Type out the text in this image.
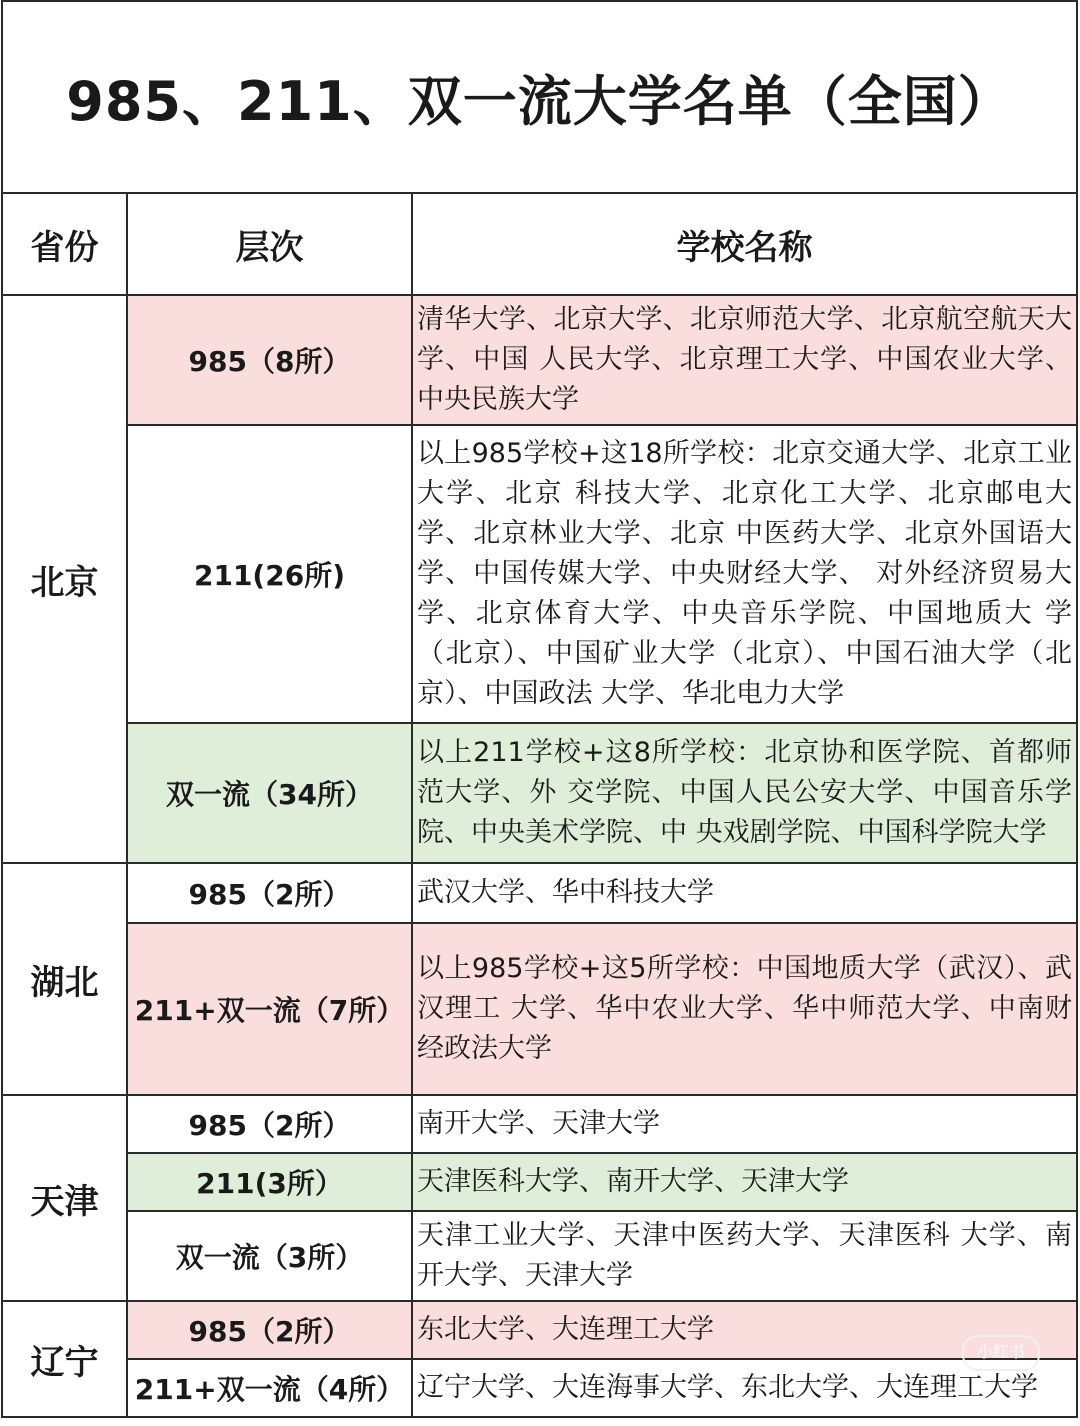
985、211、双一流大学名单（全国）		
省份	层次	学校名称
北京	985（8所）	清华大学、北京大学、北京师范大学、北京航空航天大学、中国 人民大学、北京理工大学、中国农业大学、中央民族大学
	211(26所)	以上985学校+这18所学校：北京交通大学、北京工业大学、北京 科技大学、北京化工大学、北京邮电大学、北京林业大学、北京 中医药大学、北京外国语大学、中国传媒大学、中央财经大学、 对外经济贸易大学、北京体育大学、中央音乐学院、中国地质大 学（北京）、中国矿业大学（北京）、中国石油大学（北京）、中国政法 大学、华北电力大学
	双一流（34所）	以上211学校+这8所学校：北京协和医学院、首都师范大学、外 交学院、中国人民公安大学、中国音乐学院、中央美术学院、中 央戏剧学院、中国科学院大学
湖北	985（2所）	武汉大学、华中科技大学
	211+双一流（7所）	以上985学校+这5所学校：中国地质大学（武汉）、武汉理工 大学、华中农业大学、华中师范大学、中南财经政法大学
天津	985（2所）	南开大学、天津大学
	211(3所）	天津医科大学、南开大学、天津大学
	双一流（3所）	天津工业大学、天津中医药大学、天津医科 大学、南开大学、天津大学
辽宁	985（2所）	东北大学、大连理工大学
	211+双一流（4所）	辽宁大学、大连海事大学、东北大学、大连理工大学
小红书
